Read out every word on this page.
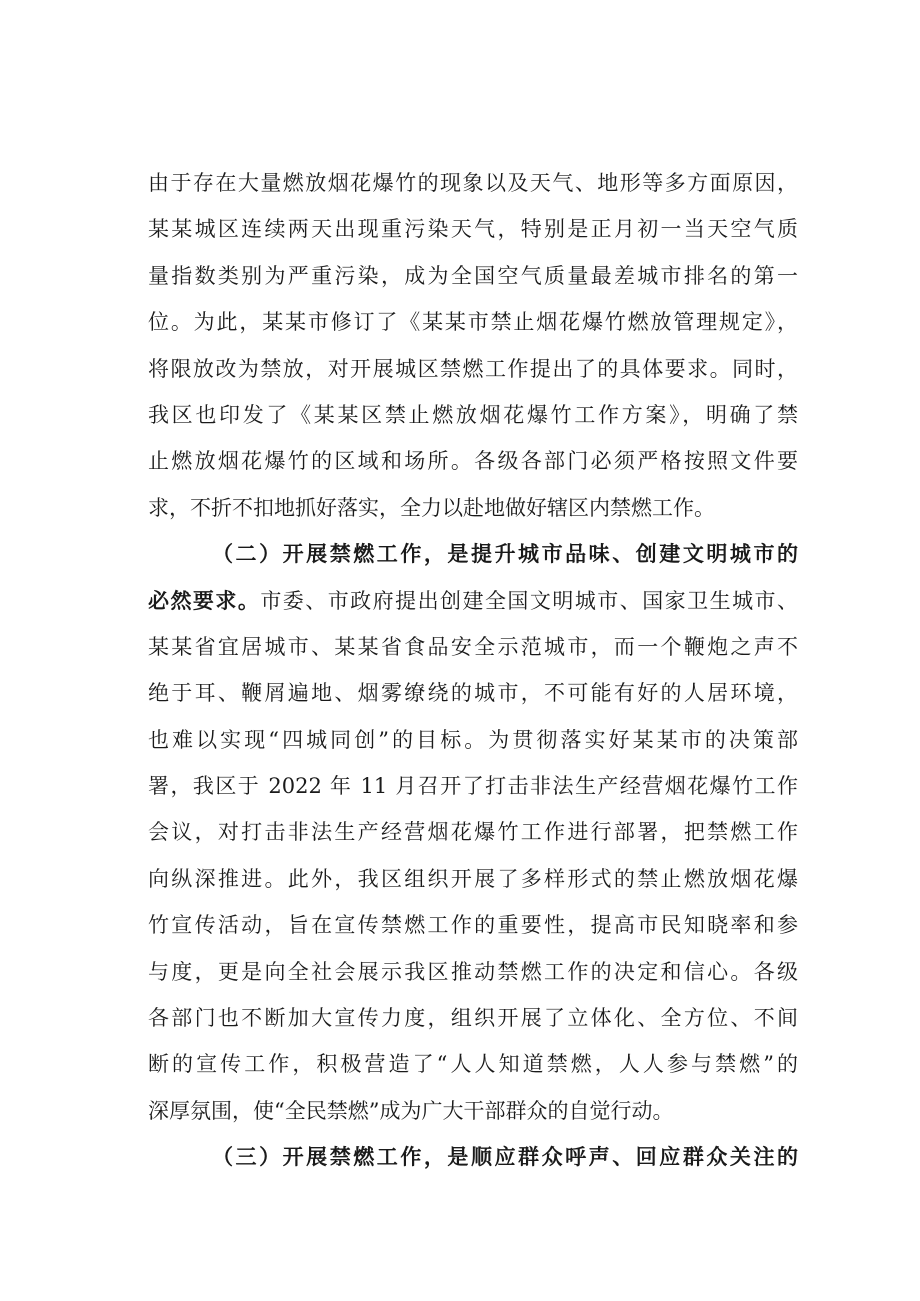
由于存在大量燃放烟花爆竹的现象以及天气、地形等多方面原因，
某某城区连续两天出现重污染天气，特别是正月初一当天空气质
量指数类别为严重污染，成为全国空气质量最差城市排名的第一
位。为此，某某市修订了《某某市禁止烟花爆竹燃放管理规定》，
将限放改为禁放，对开展城区禁燃工作提出了的具体要求。同时，
我区也印发了《某某区禁止燃放烟花爆竹工作方案》，明确了禁
止燃放烟花爆竹的区域和场所。各级各部门必须严格按照文件要
求，不折不扣地抓好落实，全力以赴地做好辖区内禁燃工作。
（二）开展禁燃工作，是提升城市品味、创建文明城市的
必然要求。市委、市政府提出创建全国文明城市、国家卫生城市、
某某省宜居城市、某某省食品安全示范城市，而一个鞭炮之声不
绝于耳、鞭屑遍地、烟雾缭绕的城市，不可能有好的人居环境，
也难以实现“四城同创”的目标。为贯彻落实好某某市的决策部
署，我区于 2022 年 11 月召开了打击非法生产经营烟花爆竹工作
会议，对打击非法生产经营烟花爆竹工作进行部署，把禁燃工作
向纵深推进。此外，我区组织开展了多样形式的禁止燃放烟花爆
竹宣传活动，旨在宣传禁燃工作的重要性，提高市民知晓率和参
与度，更是向全社会展示我区推动禁燃工作的决定和信心。各级
各部门也不断加大宣传力度，组织开展了立体化、全方位、不间
断的宣传工作，积极营造了“人人知道禁燃，人人参与禁燃”的
深厚氛围，使“全民禁燃”成为广大干部群众的自觉行动。
（三）开展禁燃工作，是顺应群众呼声、回应群众关注的
